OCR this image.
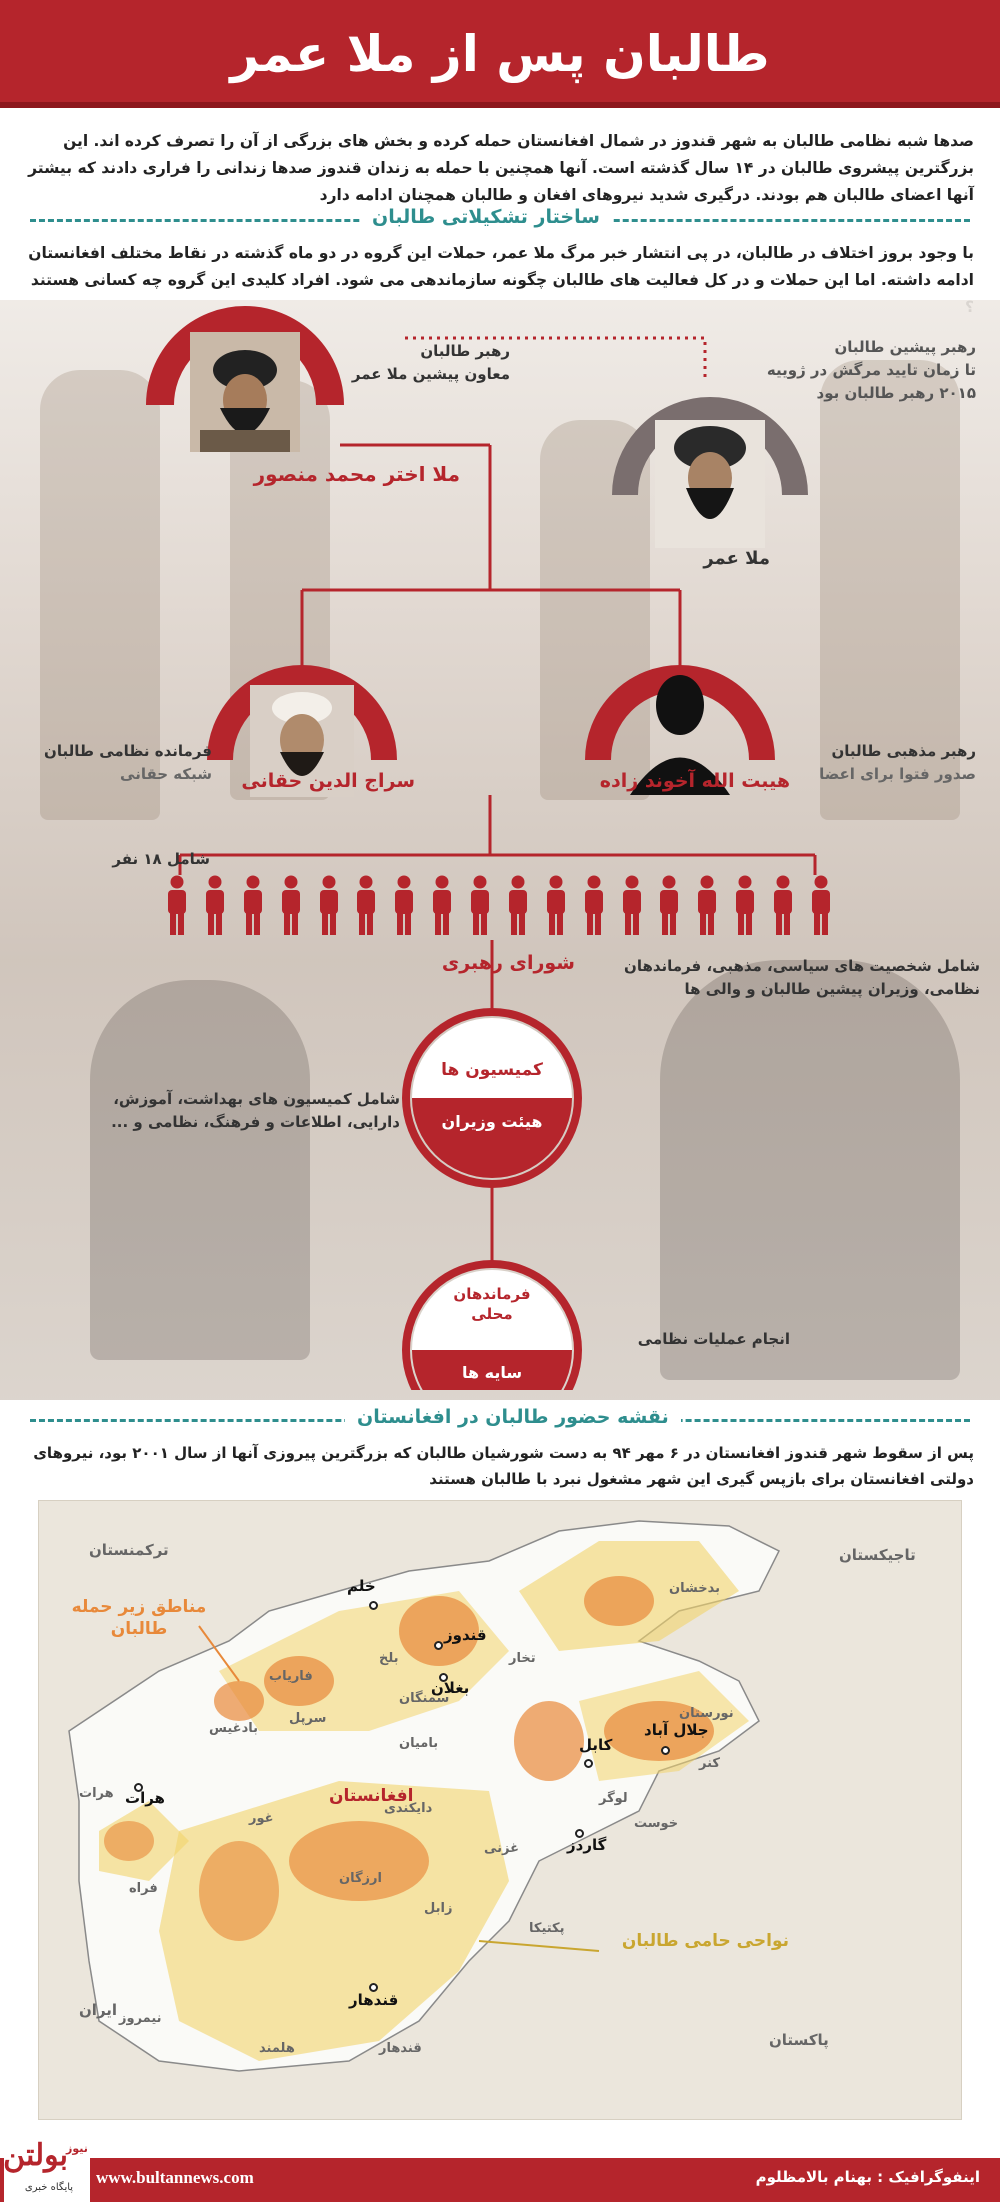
طالبان پس از ملا عمر

صدها شبه نظامی طالبان به شهر قندوز در شمال افغانستان حمله کرده و بخش های بزرگی از آن را تصرف کرده اند. این بزرگترین پیشروی طالبان در ۱۴ سال گذشته است. آنها همچنین با حمله به زندان قندوز صدها زندانی را فراری دادند که بیشتر آنها اعضای طالبان هم بودند. درگیری شدید نیروهای افغان و طالبان همچنان ادامه دارد

ساختار تشکیلاتی طالبان

با وجود بروز اختلاف در طالبان، در پی انتشار خبر مرگ ملا عمر، حملات این گروه در دو ماه گذشته در نقاط مختلف افغانستان ادامه داشته. اما این حملات و در کل فعالیت های طالبان چگونه سازماندهی می شود. افراد کلیدی این گروه چه کسانی هستند

ملا اختر محمد منصور
رهبر طالبان
معاون پیشین ملا عمر
رهبر پیشین طالبان
تا زمان تایید مرگش در ژوییه
۲۰۱۵ رهبر طالبان بود
ملا عمر
سراج الدین حقانی
فرمانده نظامی طالبان
شبکه حقانی	هیبت الله آخوند زاده
رهبر مذهبی طالبان
صدور فتوا برای اعضا
شامل ۱۸ نفر
شورای رهبری	شامل شخصیت های سیاسی، مذهبی، فرماندهان
نظامی، وزیران پیشین طالبان و والی ها
کمیسیون ها
هیئت وزیران
شامل کمیسیون های بهداشت، آموزش،
دارایی، اطلاعات و فرهنگ، نظامی و ...
فرماندهان
محلی
سایه ها
انجام عملیات نظامی
نقشه حضور طالبان در افغانستان

پس از سقوط شهر قندوز افغانستان در ۶ مهر ۹۴ به دست شورشیان طالبان که بزرگترین پیروزی آنها از سال ۲۰۰۱ بود، نیروهای دولتی افغانستان برای بازپس گیری این شهر مشغول نبرد با طالبان هستند

ترکمنستان	تاجیکستان
ایران
پاکستان
افغانستان
مناطق زیر حمله
طالبان
نواحی حامی طالبان
خلم
قندوز
بغلان
کابل
جلال آباد
گاردز
هرات
قندهار
بدخشان
تخار
فاریاب
سرپل
بلخ
سمنگان
بادغیس
بامیان
نورستان
کنر
لوگر
خوست
غزنی
دایکندی
غور
ارزگان
زابل
پکتیکا
فراه
نیمروز
هلمند	قندهار
هرات
اینفوگرافیک : بهنام بالامظلوم
www.bultannews.com
بولتن
نیوز
پایگاه خبری
